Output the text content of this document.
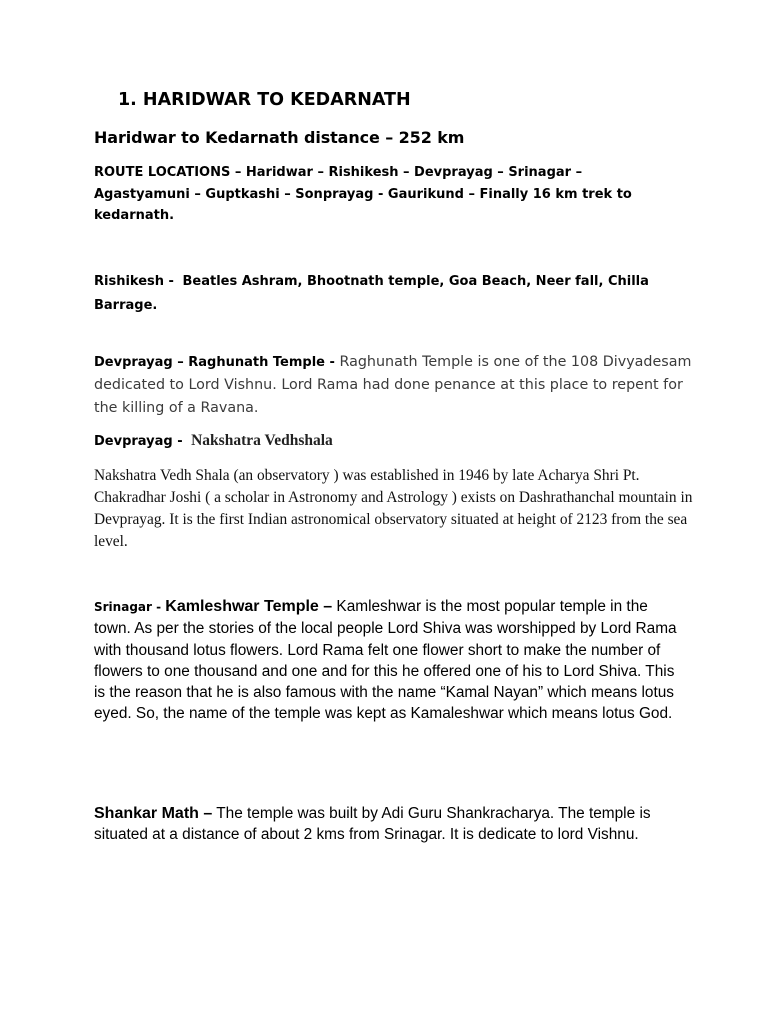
1. HARIDWAR TO KEDARNATH
Haridwar to Kedarnath distance – 252 km

ROUTE LOCATIONS – Haridwar – Rishikesh – Devprayag – Srinagar – Agastyamuni – Guptkashi – Sonprayag - Gaurikund – Finally 16 km trek to kedarnath.

Rishikesh - Beatles Ashram, Bhootnath temple, Goa Beach, Neer fall, Chilla Barrage.

Devprayag – Raghunath Temple - Raghunath Temple is one of the 108 Divyadesam dedicated to Lord Vishnu. Lord Rama had done penance at this place to repent for the killing of a Ravana.

Devprayag - Nakshatra Vedhshala

Nakshatra Vedh Shala (an observatory ) was established in 1946 by late Acharya Shri Pt. Chakradhar Joshi ( a scholar in Astronomy and Astrology ) exists on Dashrathanchal mountain in Devprayag. It is the first Indian astronomical observatory situated at height of 2123 from the sea level.

Srinagar - Kamleshwar Temple – Kamleshwar is the most popular temple in the town. As per the stories of the local people Lord Shiva was worshipped by Lord Rama with thousand lotus flowers. Lord Rama felt one flower short to make the number of flowers to one thousand and one and for this he offered one of his to Lord Shiva. This is the reason that he is also famous with the name “Kamal Nayan” which means lotus eyed. So, the name of the temple was kept as Kamaleshwar which means lotus God.

Shankar Math – The temple was built by Adi Guru Shankracharya. The temple is situated at a distance of about 2 kms from Srinagar. It is dedicate to lord Vishnu.
